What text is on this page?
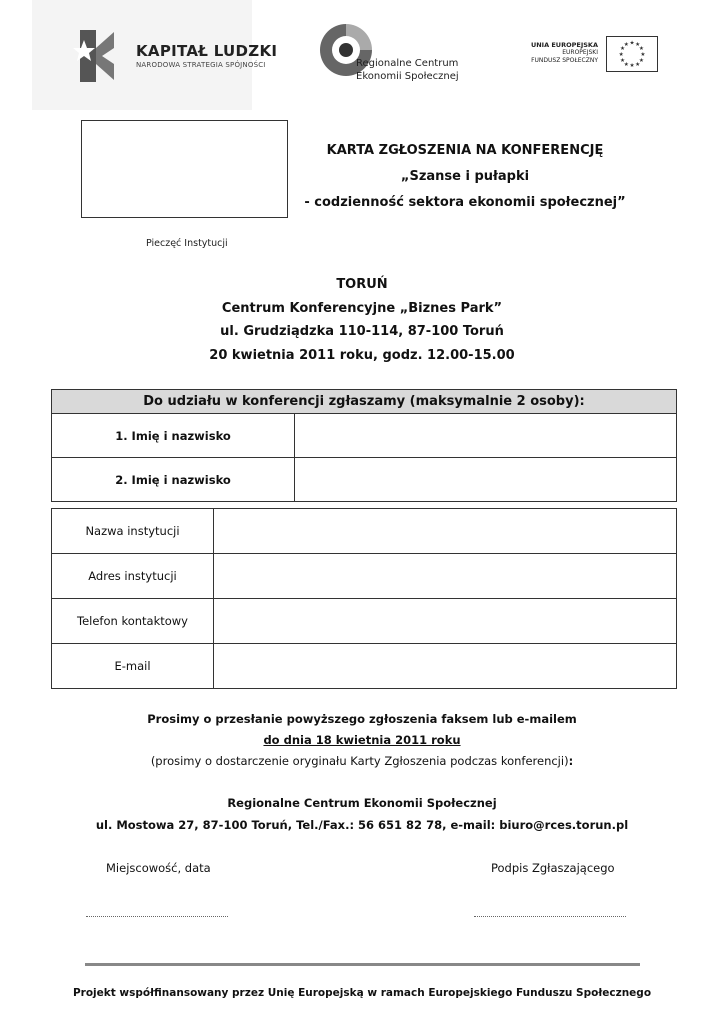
KAPITAŁ LUDZKI
NARODOWA STRATEGIA SPÓJNOŚCI	Regionalne Centrum
Ekonomii Społecznej
UNIA EUROPEJSKA
EUROPEJSKI
FUNDUSZ SPOŁECZNY
★ ★
★
★
★
★
★
★
★
★
★
★
Pieczęć Instytucji
KARTA ZGŁOSZENIA NA KONFERENCJĘ
„Szanse i pułapki
- codzienność sektora ekonomii społecznej”
TORUŃ
Centrum Konferencyjne „Biznes Park”
ul. Grudziądzka 110-114, 87-100 Toruń
20 kwietnia 2011 roku, godz. 12.00-15.00
Do udziału w konferencji zgłaszamy (maksymalnie 2 osoby):	
1. Imię i nazwisko	
2. Imię i nazwisko	
Nazwa instytucji	
Adres instytucji	
Telefon kontaktowy	
E-mail	
Prosimy o przesłanie powyższego zgłoszenia faksem lub e-mailem
do dnia 18 kwietnia 2011 roku
(prosimy o dostarczenie oryginału Karty Zgłoszenia podczas konferencji):
Regionalne Centrum Ekonomii Społecznej
ul. Mostowa 27, 87-100 Toruń, Tel./Fax.: 56 651 82 78, e-mail: biuro@rces.torun.pl
Miejscowość, data	Podpis Zgłaszającego
Projekt współfinansowany przez Unię Europejską w ramach Europejskiego Funduszu Społecznego
